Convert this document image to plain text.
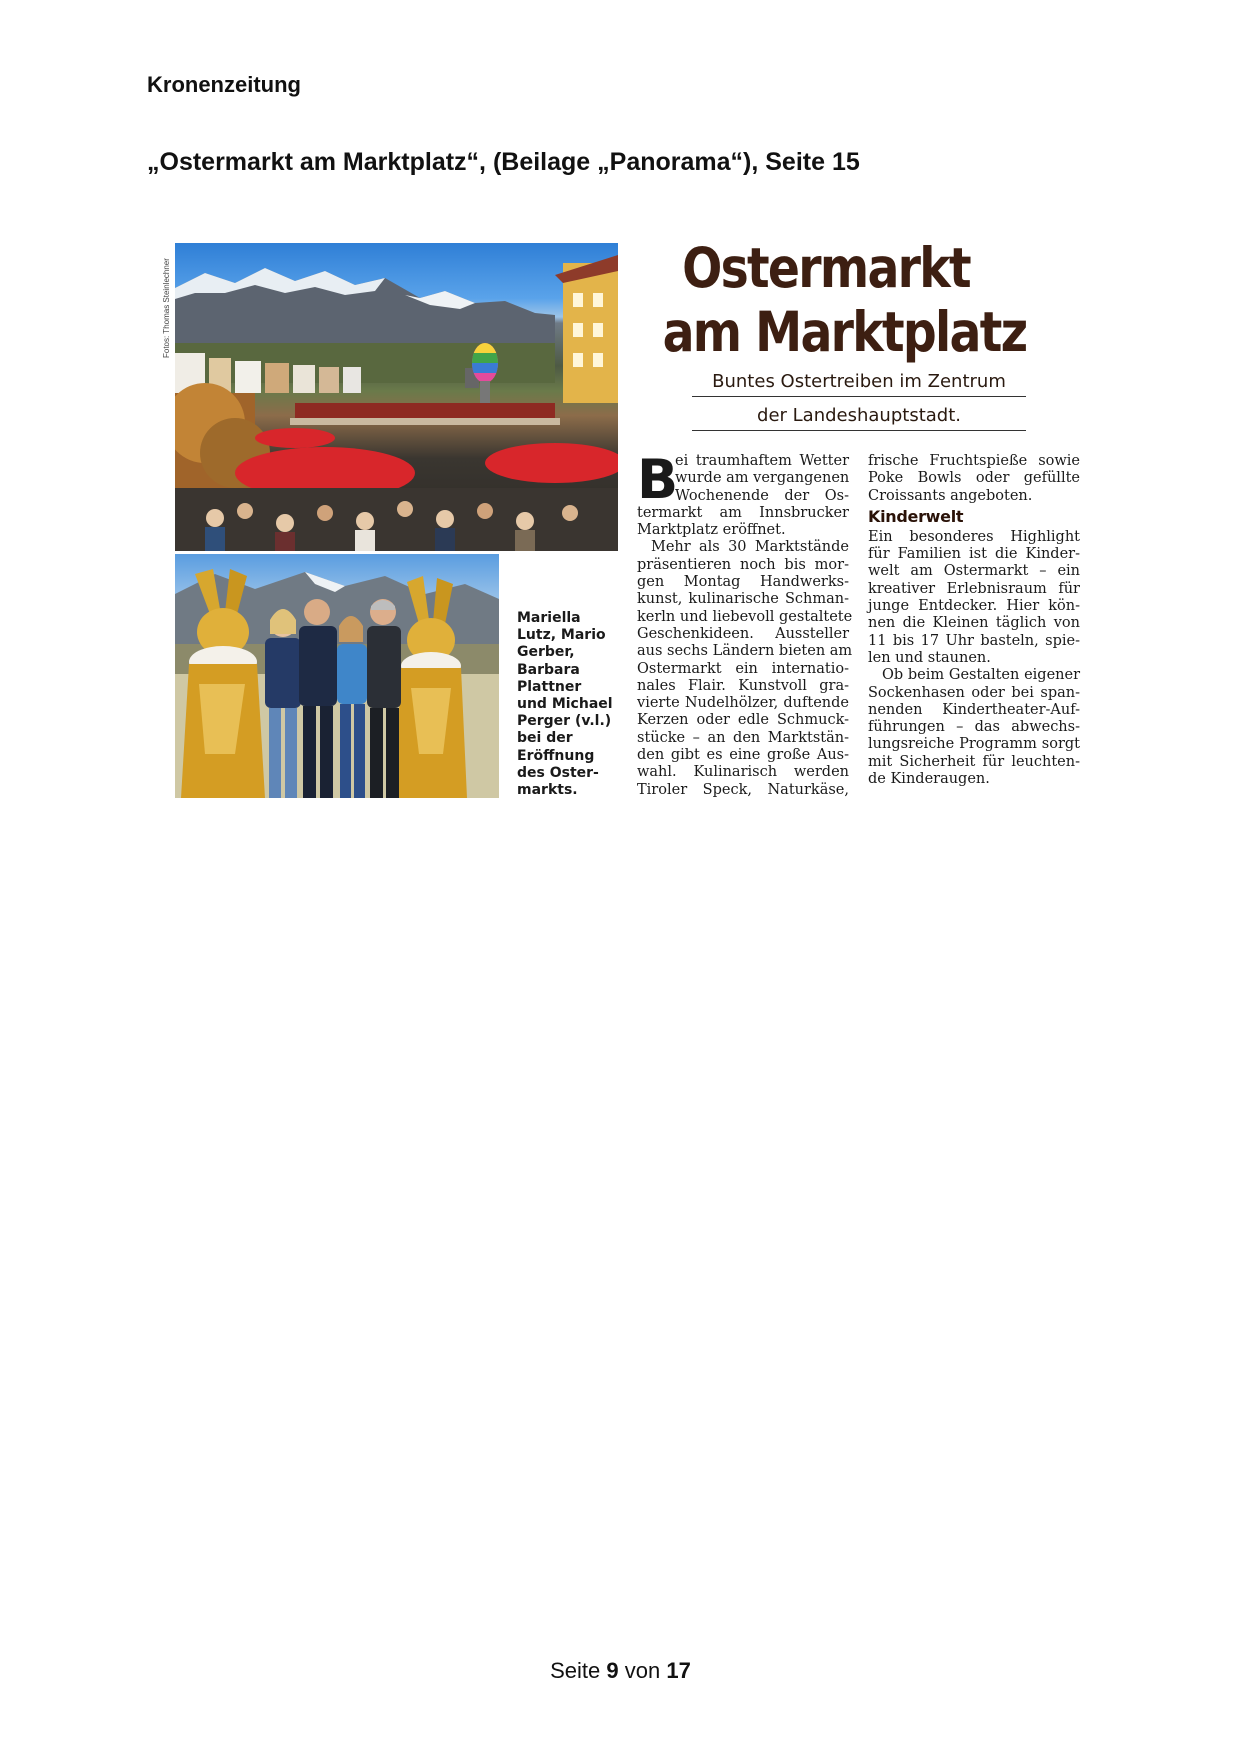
Kronenzeitung
„Ostermarkt am Marktplatz“, (Beilage „Panorama“), Seite 15
Fotos: Thomas Steinlechner
Mariella
Lutz, Mario
Gerber,
Barbara
Plattner
und Michael
Perger (v.l.)
bei der
Eröffnung
des Oster-
markts.
Ostermarkt
am Marktplatz
Buntes Ostertreiben im Zentrum
der Landeshauptstadt.
B
ei traumhaftem Wetter
wurde am vergangenen
Wochenende der Os-
termarkt am Innsbrucker
Marktplatz eröffnet.
Mehr als 30 Marktstände
präsentieren noch bis mor-
gen Montag Handwerks-
kunst, kulinarische Schman-
kerln und liebevoll gestaltete
Geschenkideen. Aussteller
aus sechs Ländern bieten am
Ostermarkt ein internatio-
nales Flair. Kunstvoll gra-
vierte Nudelhölzer, duftende
Kerzen oder edle Schmuck-
stücke – an den Marktstän-
den gibt es eine große Aus-
wahl. Kulinarisch werden
Tiroler Speck, Naturkäse,
frische Fruchtspieße sowie
Poke Bowls oder gefüllte
Croissants angeboten.
Kinderwelt
Ein besonderes Highlight
für Familien ist die Kinder-
welt am Ostermarkt – ein
kreativer Erlebnisraum für
junge Entdecker. Hier kön-
nen die Kleinen täglich von
11 bis 17 Uhr basteln, spie-
len und staunen.
Ob beim Gestalten eigener
Sockenhasen oder bei span-
nenden Kindertheater-Auf-
führungen – das abwechs-
lungsreiche Programm sorgt
mit Sicherheit für leuchten-
de Kinderaugen.
Seite 9 von 17
